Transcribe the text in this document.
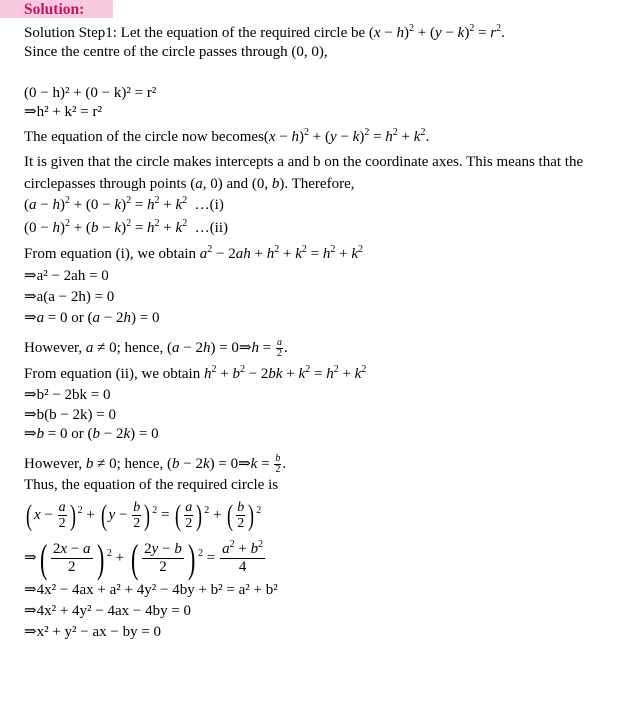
Solution:
Solution Step1: Let the equation of the required circle be $(x - h)^2 + (y - k)^2 = r^2$.
Since the centre of the circle passes through (0, 0),
(0 − h)² + (0 − k)² = r²
⇒h² + k² = r²
The equation of the circle now becomes(x − $h)^2 + (y - k)^2 = h^2 + k^2$.
It is given that the circle makes intercepts a and b on the coordinate axes. This means that the
circlepasses through points (a, 0) and (0, b). Therefore,
$(a - h)^2 + (0 - k)^2 = h^2 + k^2$  …(i)
$(0 - h)^2 + (b - k)^2 = h^2 + k^2$  …(ii)
From equation (i), we obtain $a^2 - 2ah + h^2 + k^2 = h^2 + k^2$
⇒a² − 2ah = 0
⇒a(a − 2h) = 0
⇒a = 0 or (a − 2h) = 0
However, a ≠ 0; hence, (a − 2h) = 0⇒h = $\frac{a}{2}$ .
From equation (ii), we obtain $h^2 + b^2 - 2bk + k^2 = h^2 + k^2$
⇒b² − 2bk = 0
⇒b(b − 2k) = 0
⇒b = 0 or (b − 2k) = 0
However, b ≠ 0; hence, (b − 2k) = 0⇒k = $\frac{b}{2}$ .
Thus, the equation of the required circle is
( $x - \frac{a}{2}$ ) $^2$ + ( $y - \frac{b}{2}$ ) $^2$ = ( $\frac{a}{2}$ ) $^2$ + ( $\frac{b}{2}$ ) $^2$
⇒( $\frac{2x - a}{2}$ ) $^2$ + ( $\frac{2y - b}{2}$ ) $^2 = \frac{a^2 + b^2}{4}$
⇒4x² − 4ax + a² + 4y² − 4by + b² = a² + b²
⇒4x² + 4y² − 4ax − 4by = 0
⇒x² + y² − ax − by = 0
